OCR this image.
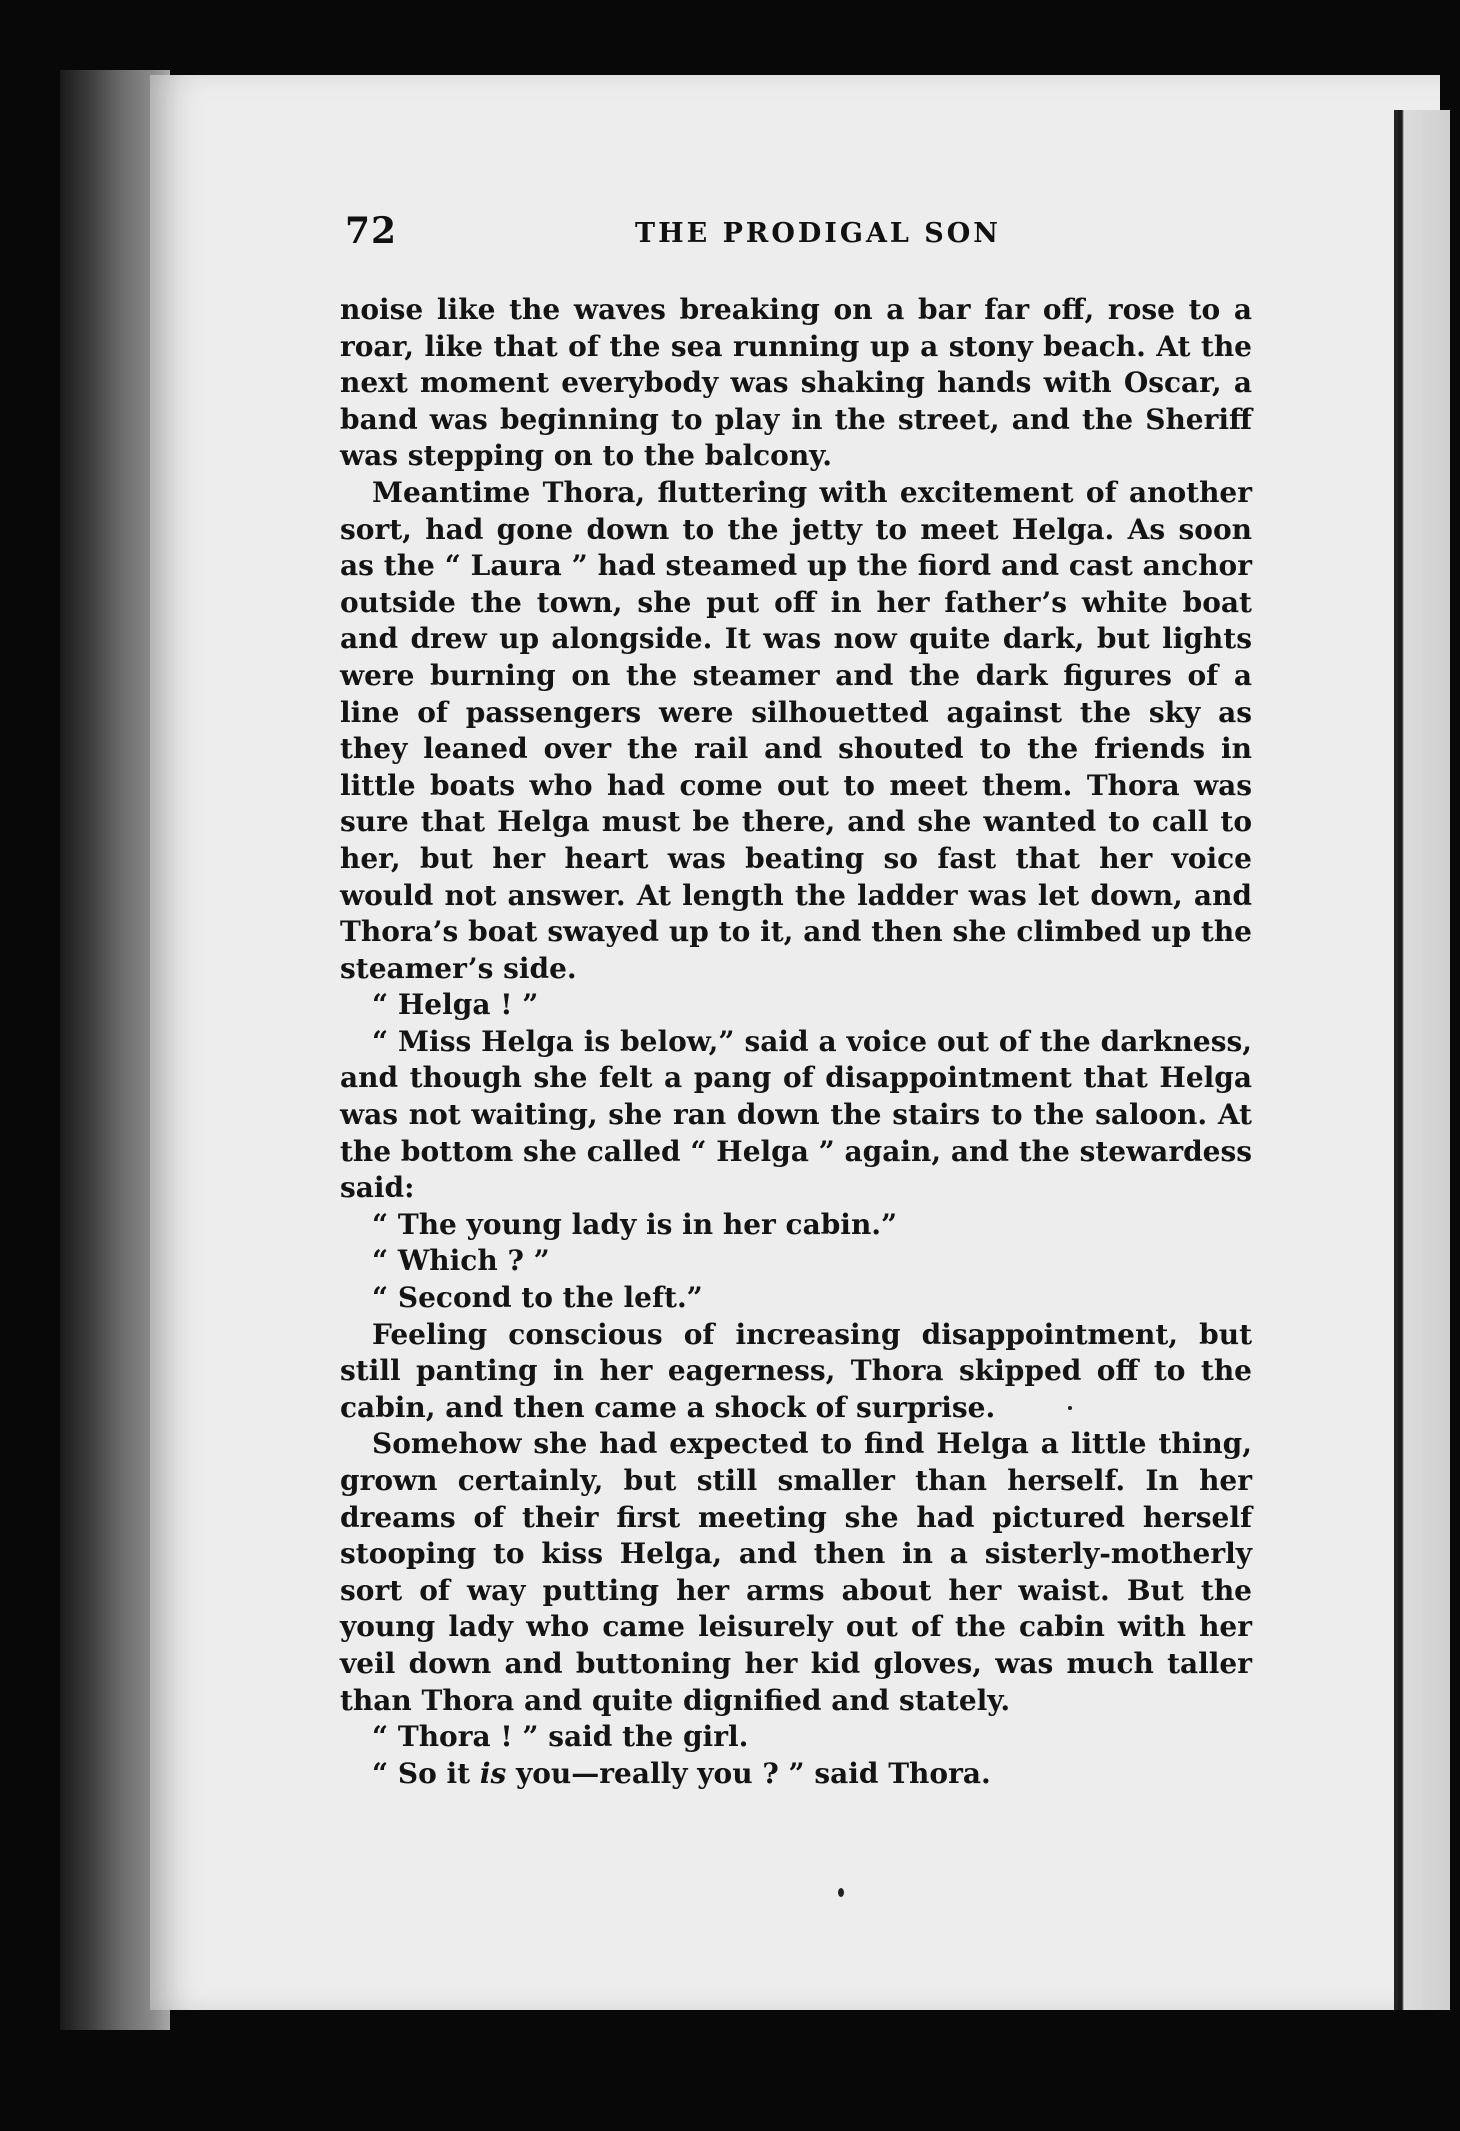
72	THE PRODIGAL SON

noise like the waves breaking on a bar far off, rose to a roar, like that of the sea running up a stony beach. At the next moment everybody was shaking hands with Oscar, a band was beginning to play in the street, and the Sheriff was stepping on to the balcony.

Meantime Thora, fluttering with excitement of another sort, had gone down to the jetty to meet Helga. As soon as the “ Laura ” had steamed up the fiord and cast anchor outside the town, she put off in her father’s white boat and drew up alongside. It was now quite dark, but lights were burning on the steamer and the dark figures of a line of passengers were silhouetted against the sky as they leaned over the rail and shouted to the friends in little boats who had come out to meet them. Thora was sure that Helga must be there, and she wanted to call to her, but her heart was beating so fast that her voice would not answer. At length the ladder was let down, and Thora’s boat swayed up to it, and then she climbed up the steamer’s side.

“ Helga ! ”

“ Miss Helga is below,” said a voice out of the darkness, and though she felt a pang of disappointment that Helga was not waiting, she ran down the stairs to the saloon. At the bottom she called “ Helga ” again, and the stewardess said:

“ The young lady is in her cabin.”

“ Which ? ”

“ Second to the left.”

Feeling conscious of increasing disappointment, but still panting in her eagerness, Thora skipped off to the cabin, and then came a shock of surprise.

Somehow she had expected to find Helga a little thing, grown certainly, but still smaller than herself. In her dreams of their first meeting she had pictured herself stooping to kiss Helga, and then in a sisterly-motherly sort of way putting her arms about her waist. But the young lady who came leisurely out of the cabin with her veil down and buttoning her kid gloves, was much taller than Thora and quite dignified and stately.

“ Thora ! ” said the girl.

“ So it is you—really you ? ” said Thora.
